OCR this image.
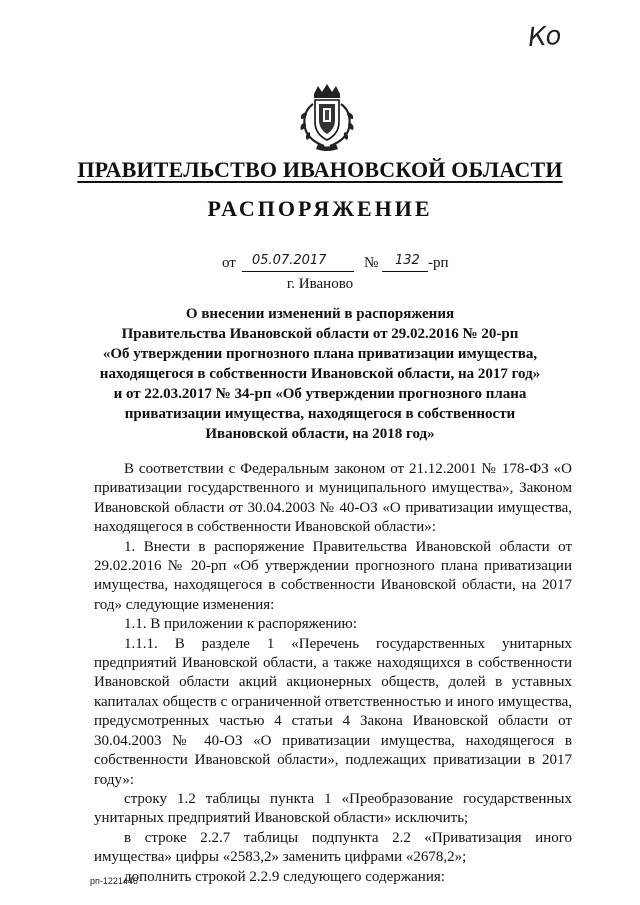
Ко
ПРАВИТЕЛЬСТВО ИВАНОВСКОЙ ОБЛАСТИ
РАСПОРЯЖЕНИЕ
от 05.07.2017	№ 132 -рп
г. Иваново
О внесении изменений в распоряжения
Правительства Ивановской области от 29.02.2016 № 20-рп
«Об утверждении прогнозного плана приватизации имущества,
находящегося в собственности Ивановской области, на 2017 год»
и от 22.03.2017 № 34-рп «Об утверждении прогнозного плана
приватизации имущества, находящегося в собственности
Ивановской области, на 2018 год»

В соответствии с Федеральным законом от 21.12.2001 № 178-ФЗ «О приватизации государственного и муниципального имущества», Законом Ивановской области от 30.04.2003 № 40-ОЗ «О приватизации имущества, находящегося в собственности Ивановской области»:

1. Внести в распоряжение Правительства Ивановской области от 29.02.2016 № 20-рп «Об утверждении прогнозного плана приватизации имущества, находящегося в собственности Ивановской области, на 2017 год» следующие изменения:

1.1. В приложении к распоряжению:

1.1.1. В разделе 1 «Перечень государственных унитарных предприятий Ивановской области, а также находящихся в собственности Ивановской области акций акционерных обществ, долей в уставных капиталах обществ с ограниченной ответственностью и иного имущества, предусмотренных частью 4 статьи 4 Закона Ивановской области от 30.04.2003 № 40-ОЗ «О приватизации имущества, находящегося в собственности Ивановской области», подлежащих приватизации в 2017 году»:

строку 1.2 таблицы пункта 1 «Преобразование государственных унитарных предприятий Ивановской области» исключить;

в строке 2.2.7 таблицы подпункта 2.2 «Приватизация иного имущества» цифры «2583,2» заменить цифрами «2678,2»;

дополнить строкой 2.2.9 следующего содержания:

рп-1221446
